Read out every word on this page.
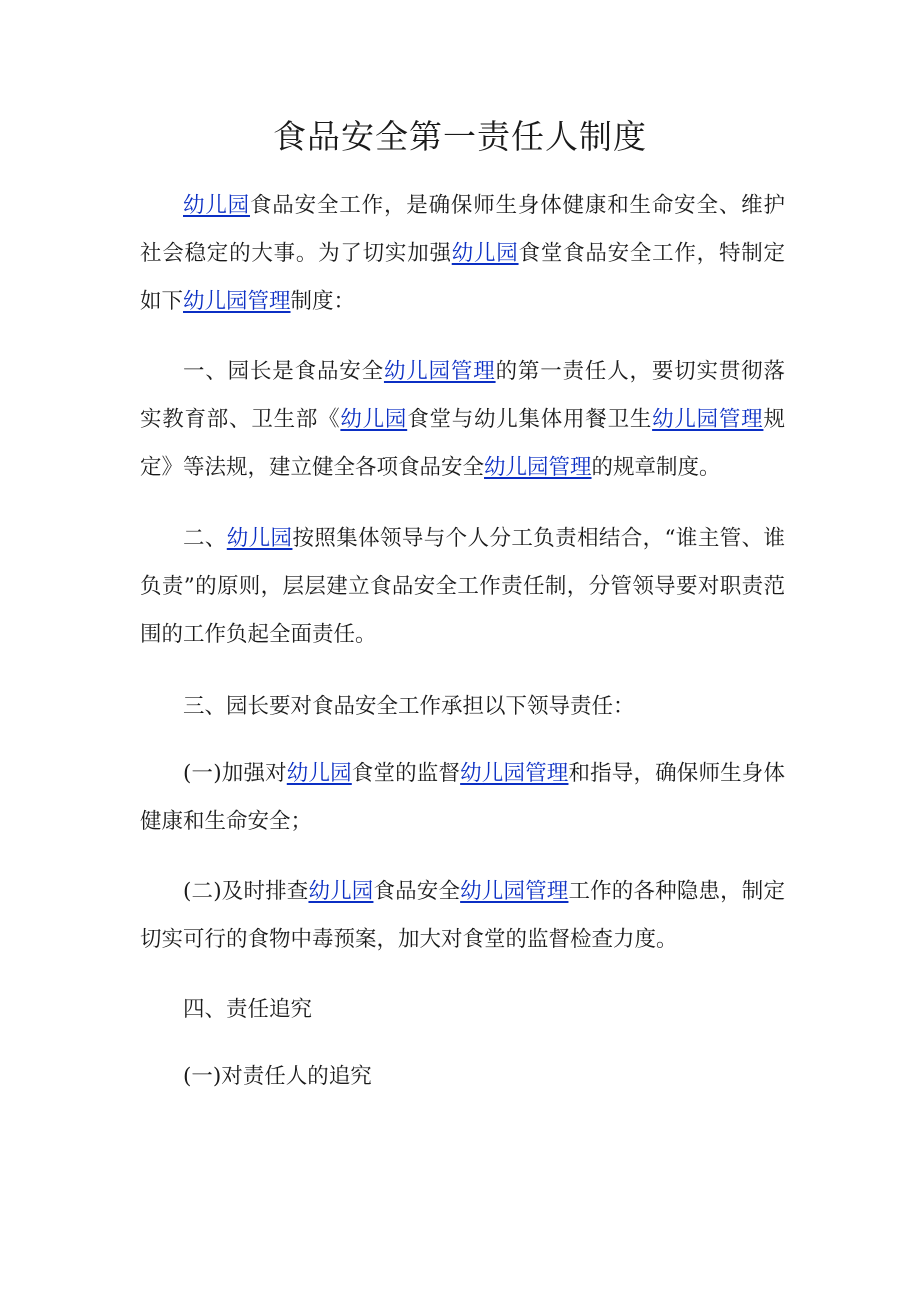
食品安全第一责任人制度

幼儿园食品安全工作，是确保师生身体健康和生命安全、维护社会稳定的大事。为了切实加强幼儿园食堂食品安全工作，特制定如下幼儿园管理制度：

一、园长是食品安全幼儿园管理的第一责任人，要切实贯彻落实教育部、卫生部《幼儿园食堂与幼儿集体用餐卫生幼儿园管理规定》等法规，建立健全各项食品安全幼儿园管理的规章制度。

二、幼儿园按照集体领导与个人分工负责相结合，“谁主管、谁负责”的原则，层层建立食品安全工作责任制，分管领导要对职责范围的工作负起全面责任。

三、园长要对食品安全工作承担以下领导责任：

(一)加强对幼儿园食堂的监督幼儿园管理和指导，确保师生身体健康和生命安全；

(二)及时排查幼儿园食品安全幼儿园管理工作的各种隐患，制定切实可行的食物中毒预案，加大对食堂的监督检查力度。

四、责任追究

(一)对责任人的追究
